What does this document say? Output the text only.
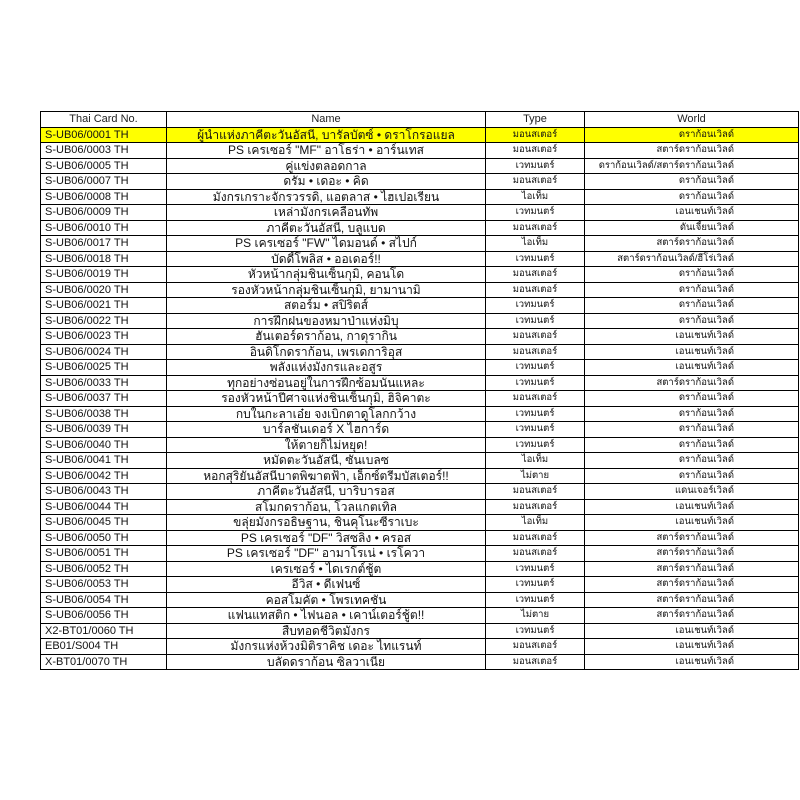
Thai Card No.	Name	Type	World
S-UB06/0001 TH	ผู้นำแห่งภาคีตะวันอัสนี, บารัลบัตซ์ • ดราโกรอแยล	มอนสเตอร์	ดราก้อนเวิลด์
S-UB06/0003 TH	PS เครเซอร์ "MF" อาโธร่า • อาร์นเทส	มอนสเตอร์	สตาร์ดราก้อนเวิลด์
S-UB06/0005 TH	คู่แข่งตลอดกาล	เวทมนตร์	ดราก้อนเวิลด์/สตาร์ดราก้อนเวิลด์
S-UB06/0007 TH	ดรัม • เดอะ • คิด	มอนสเตอร์	ดราก้อนเวิลด์
S-UB06/0008 TH	มังกรเกราะจักรวรรดิ, แอตลาส • ไฮเปอเรียน	ไอเท็ม	ดราก้อนเวิลด์
S-UB06/0009 TH	เหล่ามังกรเคลื่อนทัพ	เวทมนตร์	เอนเชนท์เวิลด์
S-UB06/0010 TH	ภาคีตะวันอัสนี, บลูแบด	มอนสเตอร์	ดันเจี้ยนเวิลด์
S-UB06/0017 TH	PS เครเซอร์ "FW" ไดมอนด์ • สไปก์	ไอเท็ม	สตาร์ดราก้อนเวิลด์
S-UB06/0018 TH	บัดดี้โพลิส • ออเดอร์!!	เวทมนตร์	สตาร์ดราก้อนเวิลด์/ฮีโร่เวิลด์
S-UB06/0019 TH	หัวหน้ากลุ่มชินเซ็นกุมิ, คอนโด	มอนสเตอร์	ดราก้อนเวิลด์
S-UB06/0020 TH	รองหัวหน้ากลุ่มชินเซ็นกุมิ, ยามานามิ	มอนสเตอร์	ดราก้อนเวิลด์
S-UB06/0021 TH	สตอร์ม • สปิริตส์	เวทมนตร์	ดราก้อนเวิลด์
S-UB06/0022 TH	การฝึกฝนของหมาป่าแห่งมิบุ	เวทมนตร์	ดราก้อนเวิลด์
S-UB06/0023 TH	ฮันเตอร์ดราก้อน, กาดุรากิน	มอนสเตอร์	เอนเชนท์เวิลด์
S-UB06/0024 TH	อินดิโกดราก้อน, เพรเดการิอุส	มอนสเตอร์	เอนเชนท์เวิลด์
S-UB06/0025 TH	พลังแห่งมังกรและอสูร	เวทมนตร์	เอนเชนท์เวิลด์
S-UB06/0033 TH	ทุกอย่างซ่อนอยู่ในการฝึกซ้อมนั่นแหละ	เวทมนตร์	สตาร์ดราก้อนเวิลด์
S-UB06/0037 TH	รองหัวหน้าปีศาจแห่งชินเซ็นกุมิ, ฮิจิคาตะ	มอนสเตอร์	ดราก้อนเวิลด์
S-UB06/0038 TH	กบในกะลาเอ๋ย จงเบิกตาดูโลกกว้าง	เวทมนตร์	ดราก้อนเวิลด์
S-UB06/0039 TH	บาร์ลชันเดอร์ X ไฮการ์ด	เวทมนตร์	ดราก้อนเวิลด์
S-UB06/0040 TH	ให้ตายก็ไม่หยุด!	เวทมนตร์	ดราก้อนเวิลด์
S-UB06/0041 TH	หมัดตะวันอัสนี, ซันเบลซ	ไอเท็ม	ดราก้อนเวิลด์
S-UB06/0042 TH	หอกสุริยันอัสนีบาตพิฆาตฟ้า, เอ็กซ์ตรีมบัสเตอร์!!	ไม่ตาย	ดราก้อนเวิลด์
S-UB06/0043 TH	ภาคีตะวันอัสนี, บาริบารอส	มอนสเตอร์	แดนเจอร์เวิลด์
S-UB06/0044 TH	สโมกดราก้อน, โวลแกตเทิล	มอนสเตอร์	เอนเชนท์เวิลด์
S-UB06/0045 TH	ขลุ่ยมังกรอธิษฐาน, ชินคุโนะซีราเบะ	ไอเท็ม	เอนเชนท์เวิลด์
S-UB06/0050 TH	PS เครเซอร์ "DF" วิสซลิ่ง • ครอส	มอนสเตอร์	สตาร์ดราก้อนเวิลด์
S-UB06/0051 TH	PS เครเซอร์ "DF" อามาโรเน่ • เรโควา	มอนสเตอร์	สตาร์ดราก้อนเวิลด์
S-UB06/0052 TH	เครเซอร์ • ไดเรกต์ชู้ต	เวทมนตร์	สตาร์ดราก้อนเวิลด์
S-UB06/0053 TH	อีวิส • ดีเฟนซ์	เวทมนตร์	สตาร์ดราก้อนเวิลด์
S-UB06/0054 TH	คอสโมคัต • โพรเทคชัน	เวทมนตร์	สตาร์ดราก้อนเวิลด์
S-UB06/0056 TH	แฟนแทสติก • ไฟนอล • เคาน์เตอร์ชู้ต!!	ไม่ตาย	สตาร์ดราก้อนเวิลด์
X2-BT01/0060 TH	สืบทอดชีวิตมังกร	เวทมนตร์	เอนเชนท์เวิลด์
EB01/S004 TH	มังกรแห่งห้วงมิติราคิช เดอะ ไทแรนท์	มอนสเตอร์	เอนเชนท์เวิลด์
X-BT01/0070 TH	บลัดดราก้อน ซิลวาเนีย	มอนสเตอร์	เอนเชนท์เวิลด์
